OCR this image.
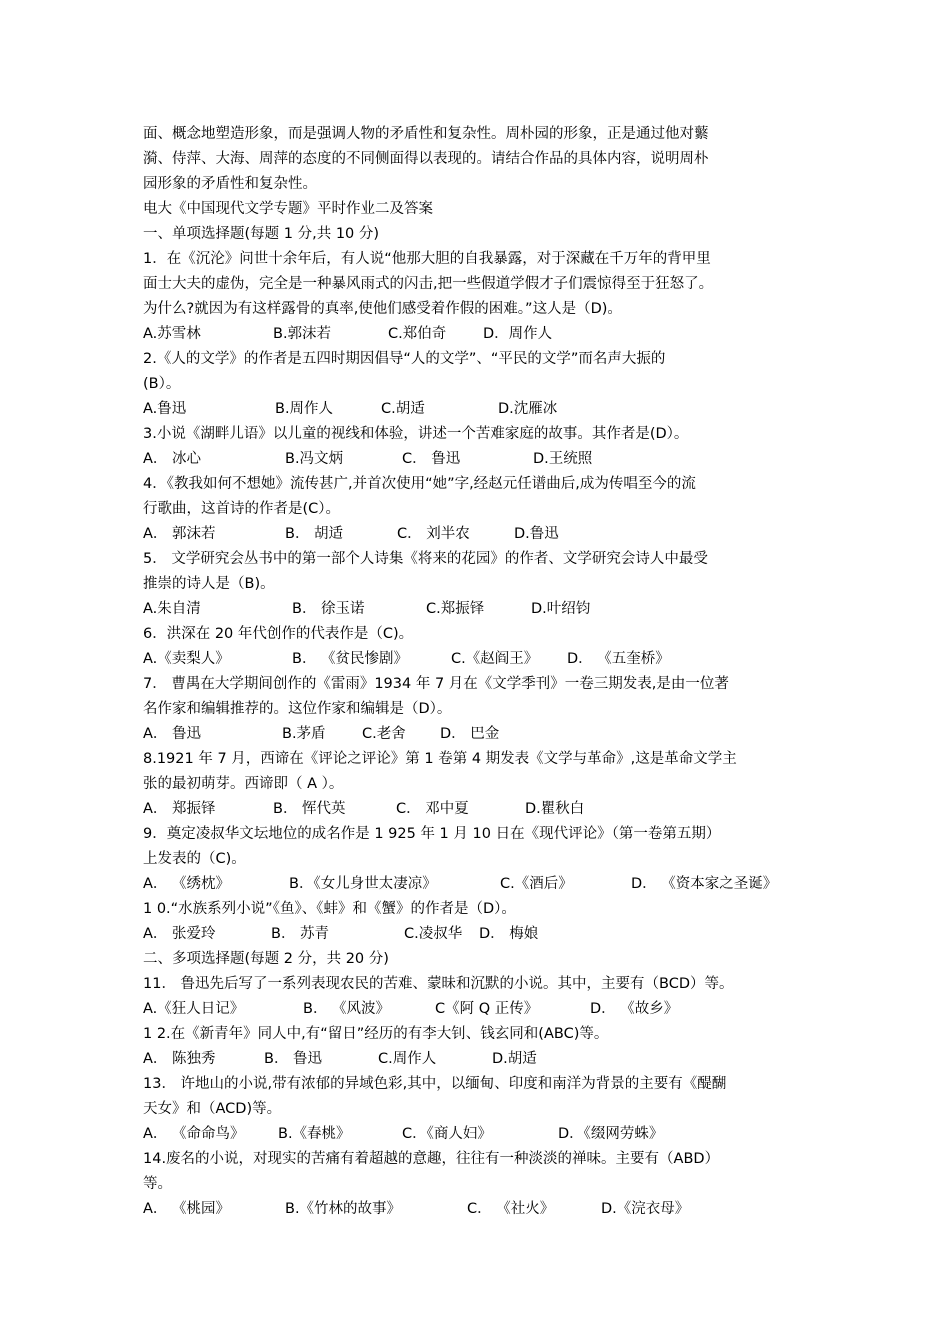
面、概念地塑造形象，而是强调人物的矛盾性和复杂性。周朴园的形象，正是通过他对蘩

漪、侍萍、大海、周萍的态度的不同侧面得以表现的。请结合作品的具体内容，说明周朴

园形象的矛盾性和复杂性。

电大《中国现代文学专题》平时作业二及答案

一、单项选择题(每题 1 分,共 10 分)

1．在《沉沦》问世十余年后，有人说“他那大胆的自我暴露，对于深藏在千万年的背甲里

面士大夫的虚伪，完全是一种暴风雨式的闪击,把一些假道学假才子们震惊得至于狂怒了。

为什么?就因为有这样露骨的真率,使他们感受着作假的困难。”这人是（D)。

A.苏雪林	B.郭沫若	C.郑伯奇	D．周作人

2.《人的文学》的作者是五四时期因倡导“人的文学”、“平民的文学”而名声大振的

(B）。

A.鲁迅	B.周作人	C.胡适	D.沈雁冰

3.小说《湖畔儿语》以儿童的视线和体验，讲述一个苦难家庭的故事。其作者是(D）。

A． 冰心	B.冯文炳	C． 鲁迅	D.王统照

4．《教我如何不想她》流传甚广,并首次使用“她”字,经赵元任谱曲后,成为传唱至今的流

行歌曲，这首诗的作者是(C）。

A． 郭沫若	B． 胡适	C． 刘半农	D.鲁迅

5． 文学研究会丛书中的第一部个人诗集《将来的花园》的作者、文学研究会诗人中最受

推崇的诗人是（B)。

A.朱自清	B． 徐玉诺	C.郑振铎	D.叶绍钧

6．洪深在 20 年代创作的代表作是（C)。

A.《卖梨人》	B． 《贫民惨剧》	C.《赵阎王》	D． 《五奎桥》

7． 曹禺在大学期间创作的《雷雨》1934 年 7 月在《文学季刊》一卷三期发表,是由一位著

名作家和编辑推荐的。这位作家和编辑是（D）。

A． 鲁迅	B.茅盾	C.老舍	D． 巴金

8.1921 年 7 月，西谛在《评论之评论》第 1 卷第 4 期发表《文学与革命》,这是革命文学主

张的最初萌芽。西谛即（ A ）。

A． 郑振铎	B． 恽代英	C． 邓中夏	D.瞿秋白

9．奠定凌叔华文坛地位的成名作是 1 925 年 1 月 10 日在《现代评论》（第一卷第五期）

上发表的（C)。

A． 《绣枕》	B．《女儿身世太凄凉》	C.《酒后》	D． 《资本家之圣诞》

1 0.“水族系列小说”《鱼》、《蚌》和《蟹》的作者是（D）。

A． 张爱玲	B． 苏青	C.凌叔华	D． 梅娘

二、多项选择题(每题 2 分，共 20 分)

11． 鲁迅先后写了一系列表现农民的苦难、蒙昧和沉默的小说。其中，主要有（BCD）等。

A.《狂人日记》	B． 《风波》	C《阿 Q 正传》	D． 《故乡》

1 2.在《新青年》同人中,有“留日”经历的有李大钊、钱玄同和(ABC)等。

A． 陈独秀	B． 鲁迅	C.周作人	D.胡适

13． 许地山的小说,带有浓郁的异域色彩,其中，以缅甸、印度和南洋为背景的主要有《醍醐

天女》和（ACD)等。

A． 《命命鸟》	B.《春桃》	C．《商人妇》	D．《缀网劳蛛》

14.废名的小说，对现实的苦痛有着超越的意趣，往往有一种淡淡的禅味。主要有（ABD）

等。

A． 《桃园》	B.《竹林的故事》	C． 《社火》	D.《浣衣母》
